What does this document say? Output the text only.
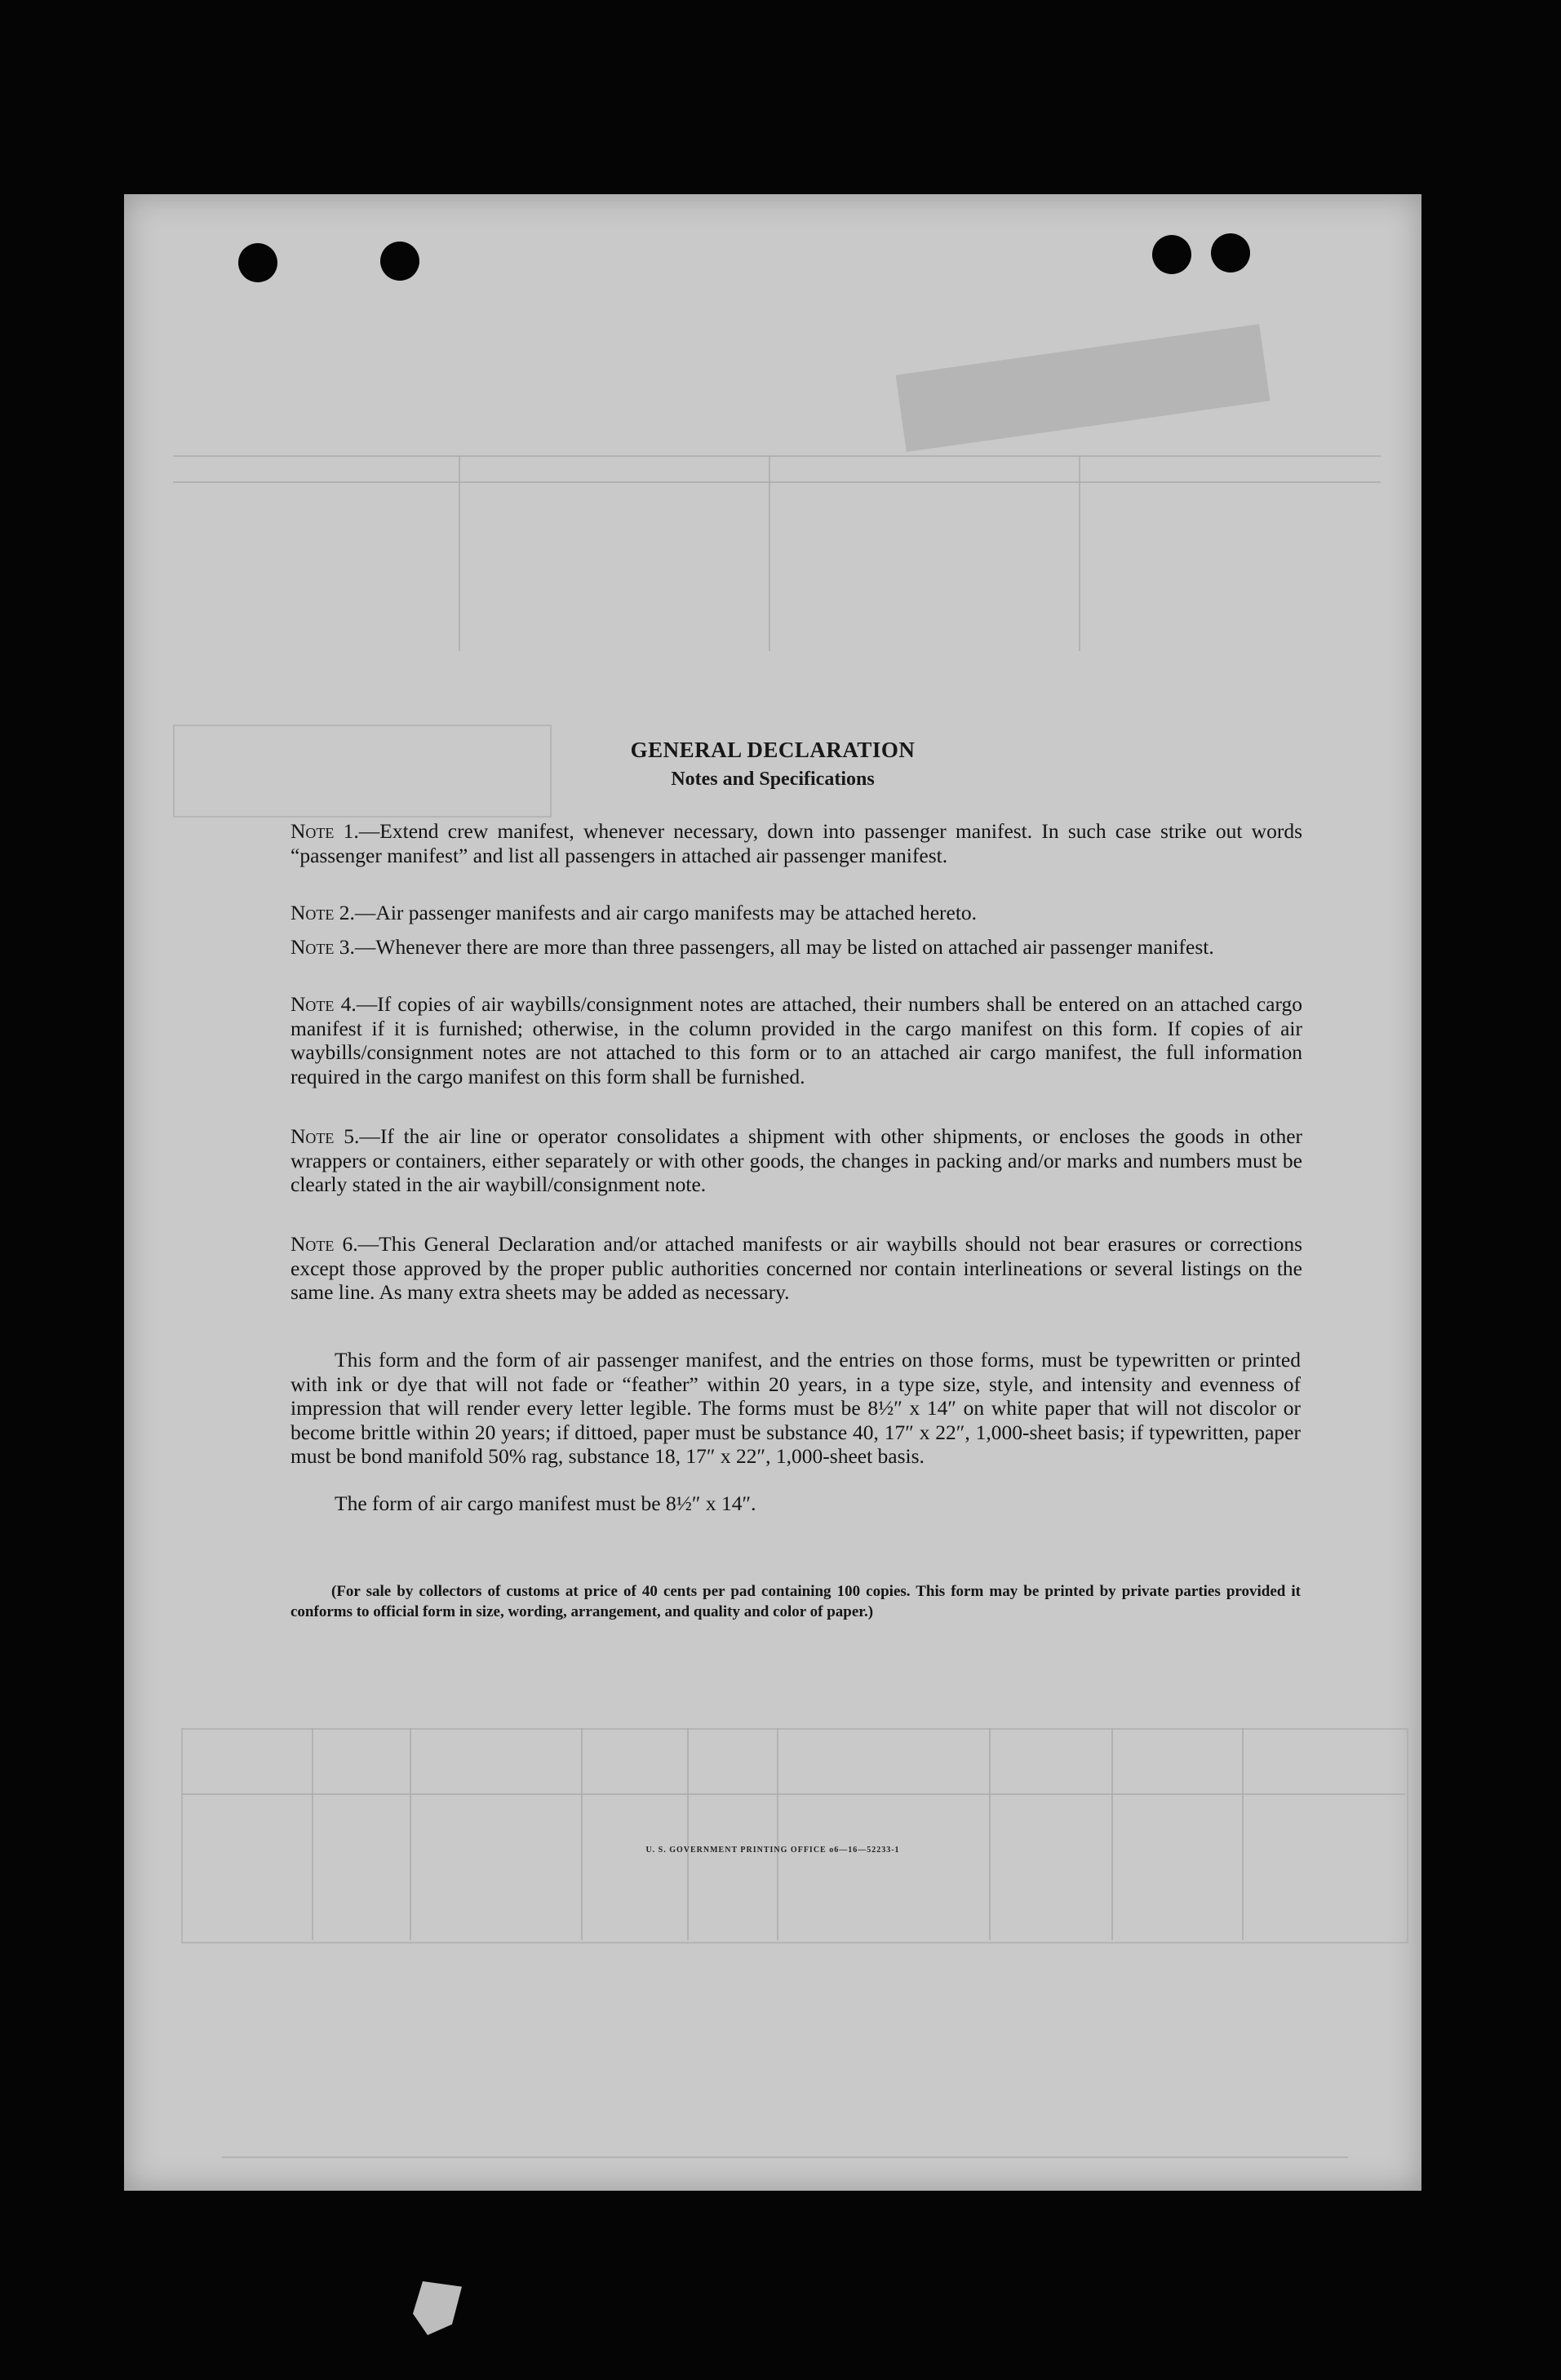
GENERAL DECLARATION
Notes and Specifications
Note 1.—Extend crew manifest, whenever necessary, down into passenger manifest. In such case strike out words “passenger manifest” and list all passengers in attached air passenger manifest.
Note 2.—Air passenger manifests and air cargo manifests may be attached hereto.
Note 3.—Whenever there are more than three passengers, all may be listed on attached air passenger manifest.
Note 4.—If copies of air waybills/consignment notes are attached, their numbers shall be entered on an attached cargo manifest if it is furnished; otherwise, in the column provided in the cargo manifest on this form. If copies of air waybills/consignment notes are not attached to this form or to an attached air cargo manifest, the full information required in the cargo manifest on this form shall be furnished.
Note 5.—If the air line or operator consolidates a shipment with other shipments, or encloses the goods in other wrappers or containers, either separately or with other goods, the changes in packing and/or marks and numbers must be clearly stated in the air waybill/consignment note.
Note 6.—This General Declaration and/or attached manifests or air waybills should not bear erasures or corrections except those approved by the proper public authorities concerned nor contain interlineations or several listings on the same line. As many extra sheets may be added as necessary.
This form and the form of air passenger manifest, and the entries on those forms, must be typewritten or printed with ink or dye that will not fade or “feather” within 20 years, in a type size, style, and intensity and evenness of impression that will render every letter legible. The forms must be 8½″ x 14″ on white paper that will not discolor or become brittle within 20 years; if dittoed, paper must be substance 40, 17″ x 22″, 1,000-sheet basis; if typewritten, paper must be bond manifold 50% rag, substance 18, 17″ x 22″, 1,000-sheet basis.
The form of air cargo manifest must be 8½″ x 14″.
(For sale by collectors of customs at price of 40 cents per pad containing 100 copies. This form may be printed by private parties provided it conforms to official form in size, wording, arrangement, and quality and color of paper.)
U. S. GOVERNMENT PRINTING OFFICE o6—16—52233-1
